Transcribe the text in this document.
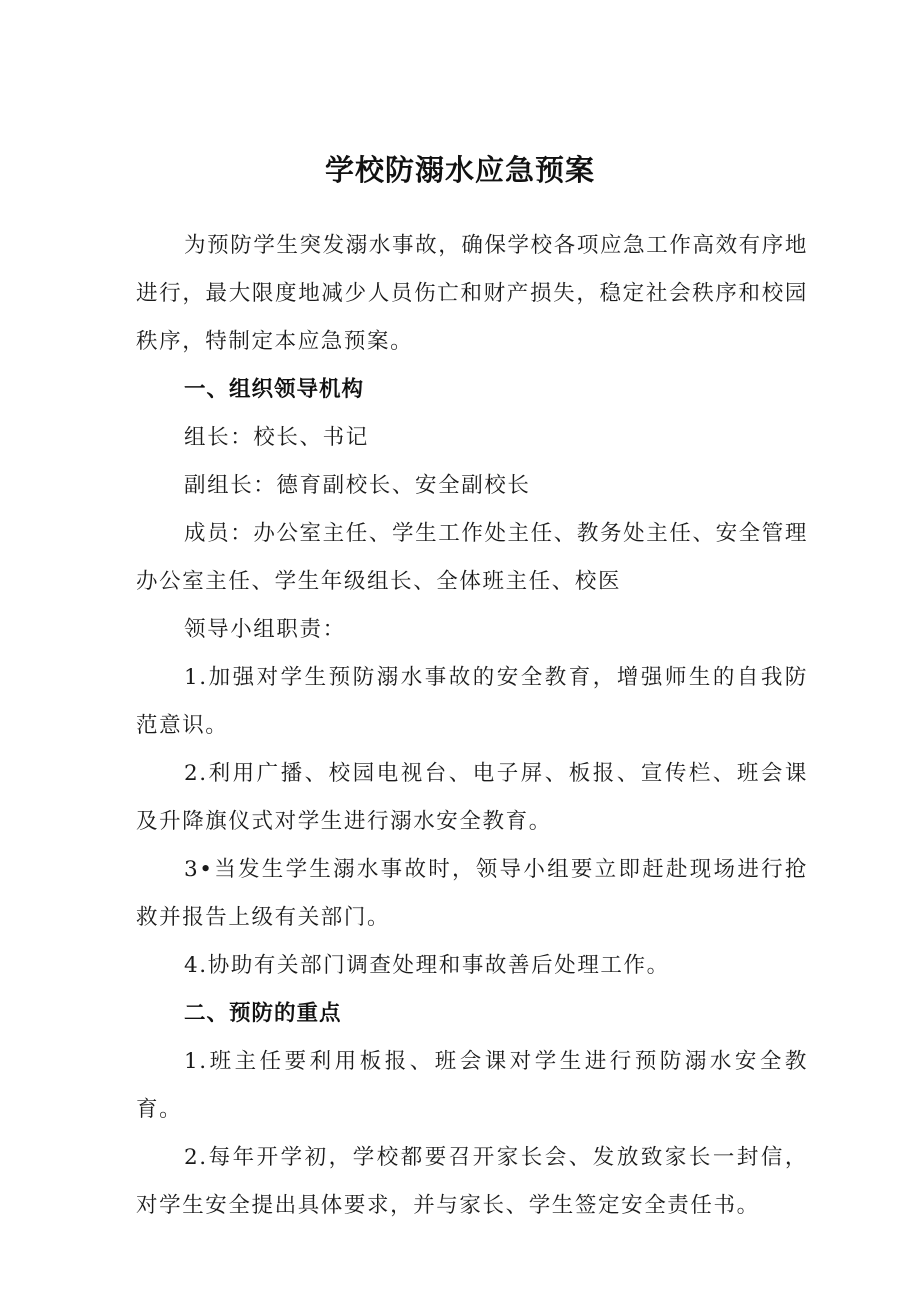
学校防溺水应急预案

为预防学生突发溺水事故，确保学校各项应急工作高效有序地进行，最大限度地减少人员伤亡和财产损失，稳定社会秩序和校园秩序，特制定本应急预案。

一、组织领导机构

组长：校长、书记

副组长：德育副校长、安全副校长

成员：办公室主任、学生工作处主任、教务处主任、安全管理办公室主任、学生年级组长、全体班主任、校医

领导小组职责：

1.加强对学生预防溺水事故的安全教育，增强师生的自我防范意识。

2.利用广播、校园电视台、电子屏、板报、宣传栏、班会课及升降旗仪式对学生进行溺水安全教育。

3•当发生学生溺水事故时，领导小组要立即赶赴现场进行抢救并报告上级有关部门。

4.协助有关部门调查处理和事故善后处理工作。

二、预防的重点

1.班主任要利用板报、班会课对学生进行预防溺水安全教育。

2.每年开学初，学校都要召开家长会、发放致家长一封信，对学生安全提出具体要求，并与家长、学生签定安全责任书。
